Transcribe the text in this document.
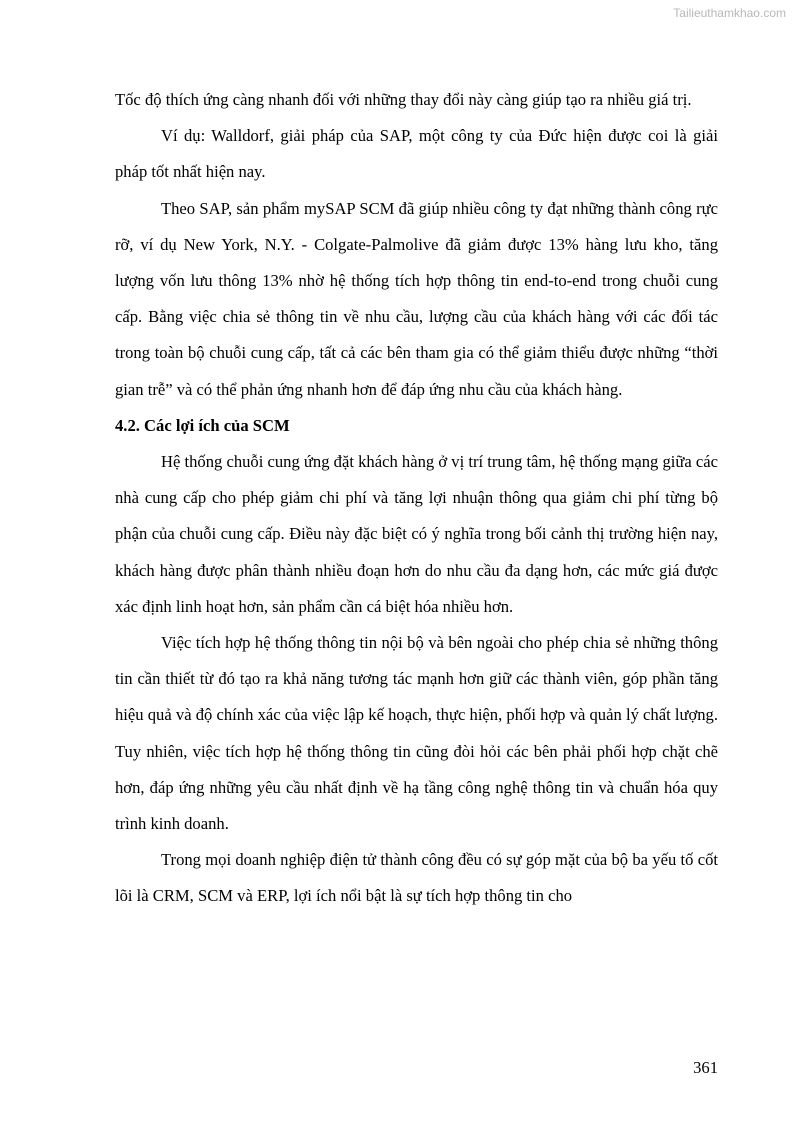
Tailieuthamkhao.com

Tốc độ thích ứng càng nhanh đối với những thay đổi này càng giúp tạo ra nhiều giá trị.

Ví dụ: Walldorf, giải pháp của SAP, một công ty của Đức hiện được coi là giải pháp tốt nhất hiện nay.

Theo SAP, sản phẩm mySAP SCM đã giúp nhiều công ty đạt những thành công rực rỡ, ví dụ New York, N.Y. - Colgate-Palmolive đã giảm được 13% hàng lưu kho, tăng lượng vốn lưu thông 13% nhờ hệ thống tích hợp thông tin end-to-end trong chuỗi cung cấp. Bằng việc chia sẻ thông tin về nhu cầu, lượng cầu của khách hàng với các đối tác trong toàn bộ chuỗi cung cấp, tất cả các bên tham gia có thể giảm thiểu được những “thời gian trễ” và có thể phản ứng nhanh hơn để đáp ứng nhu cầu của khách hàng.

4.2. Các lợi ích của SCM

Hệ thống chuỗi cung ứng đặt khách hàng ở vị trí trung tâm, hệ thống mạng giữa các nhà cung cấp cho phép giảm chi phí và tăng lợi nhuận thông qua giảm chi phí từng bộ phận của chuỗi cung cấp. Điều này đặc biệt có ý nghĩa trong bối cảnh thị trường hiện nay, khách hàng được phân thành nhiều đoạn hơn do nhu cầu đa dạng hơn, các mức giá được xác định linh hoạt hơn, sản phẩm cần cá biệt hóa nhiều hơn.

Việc tích hợp hệ thống thông tin nội bộ và bên ngoài cho phép chia sẻ những thông tin cần thiết từ đó tạo ra khả năng tương tác mạnh hơn giữ các thành viên, góp phần tăng hiệu quả và độ chính xác của việc lập kế hoạch, thực hiện, phối hợp và quản lý chất lượng. Tuy nhiên, việc tích hợp hệ thống thông tin cũng đòi hỏi các bên phải phối hợp chặt chẽ hơn, đáp ứng những yêu cầu nhất định về hạ tầng công nghệ thông tin và chuẩn hóa quy trình kinh doanh.

Trong mọi doanh nghiệp điện tử thành công đều có sự góp mặt của bộ ba yếu tố cốt lõi là CRM, SCM và ERP, lợi ích nổi bật là sự tích hợp thông tin cho

361
